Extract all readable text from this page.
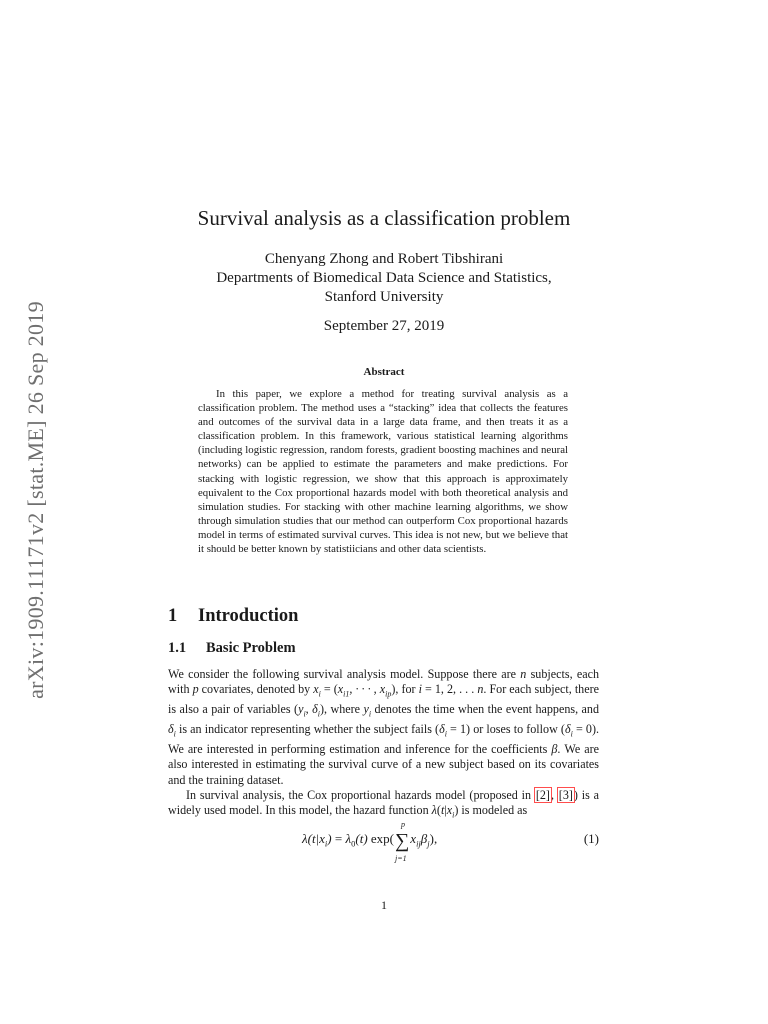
arXiv:1909.11171v2 [stat.ME] 26 Sep 2019
Survival analysis as a classification problem
Chenyang Zhong and Robert Tibshirani
Departments of Biomedical Data Science and Statistics,
Stanford University
September 27, 2019
Abstract
In this paper, we explore a method for treating survival analysis as a classification problem. The method uses a “stacking” idea that collects the features and outcomes of the survival data in a large data frame, and then treats it as a classification problem. In this framework, various statistical learning algorithms (including logistic regression, random forests, gradient boosting machines and neural networks) can be applied to estimate the parameters and make predictions. For stacking with logistic regression, we show that this approach is approximately equivalent to the Cox proportional hazards model with both theoretical analysis and simulation studies. For stacking with other machine learning algorithms, we show through simulation studies that our method can outperform Cox proportional hazards model in terms of estimated survival curves. This idea is not new, but we believe that it should be better known by statistiicians and other data scientists.
1 Introduction
1.1 Basic Problem

We consider the following survival analysis model. Suppose there are n subjects, each with p covariates, denoted by $x_i = (x_{i1}$, · · · , $x_{ip}$), for i = 1, 2, . . . n. For each subject, there is also a pair of variables ($y_i$, $\delta_i$), where $y_i$ denotes the time when the event happens, and $\delta_i$ is an indicator representing whether the subject fails $(\delta_i = 1)$ or loses to follow $(\delta_i = 0)$. We are interested in performing estimation and inference for the coefficients β. We are also interested in estimating the survival curve of a new subject based on its covariates and the training dataset.

In survival analysis, the Cox proportional hazards model (proposed in [2], [3]) is a widely used model. In this model, the hazard function $\lambda(t|x_i)$ is modeled as

$\lambda(t|x_i) = \lambda_0(t)$ exp(
p
∑
j=1
$x_{ij}\beta_j$),	(1)
1
